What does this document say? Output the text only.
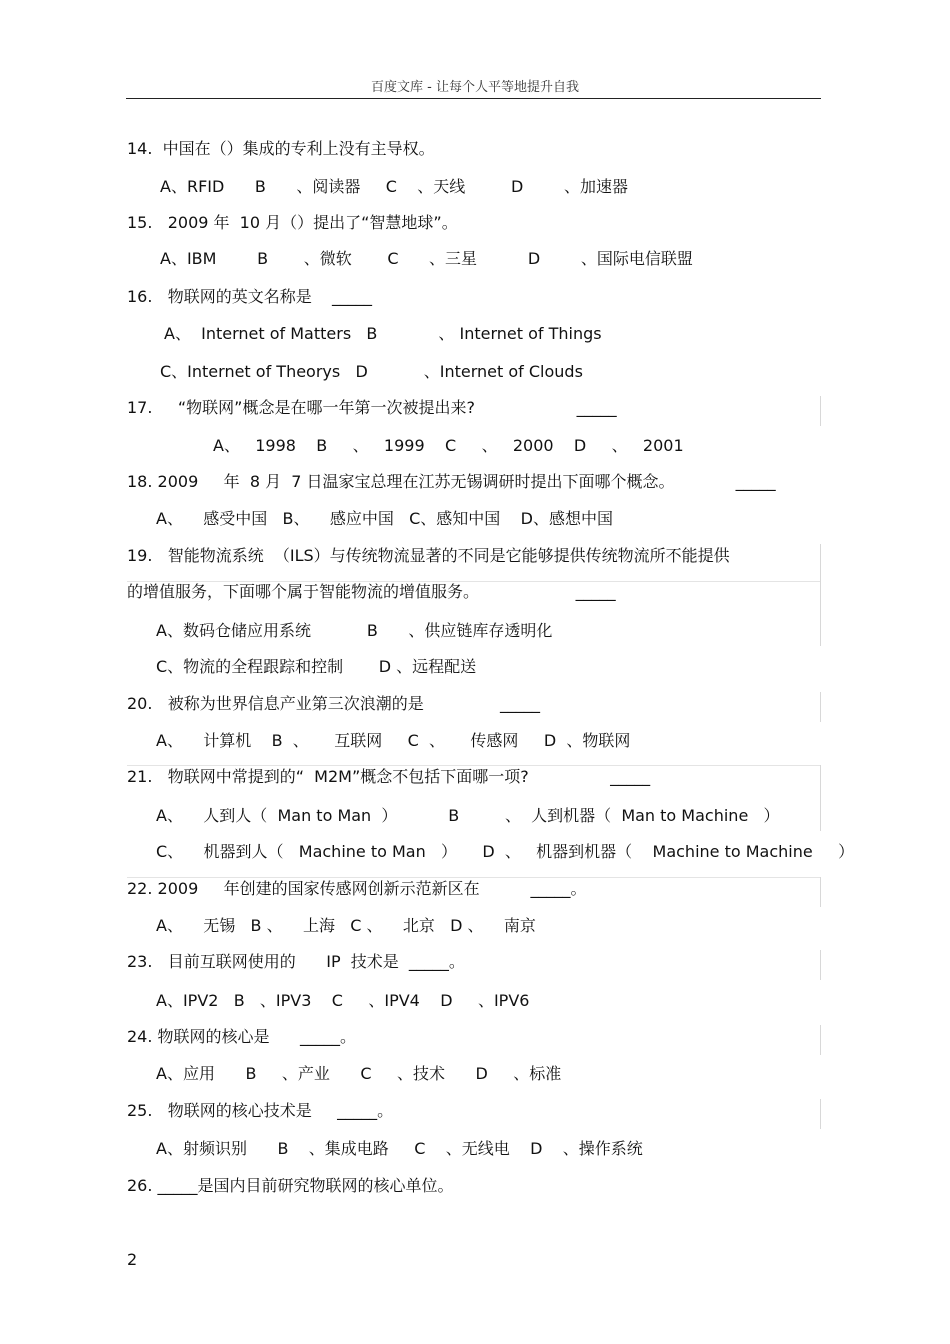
百度文库 - 让每个人平等地提升自我
14.  中国在（）集成的专利上没有主导权。
A、RFID      B      、阅读器     C    、天线         D        、加速器
15.   2009 年  10 月（）提出了“智慧地球”。
A、IBM        B       、微软       C      、三星          D        、国际电信联盟
16.   物联网的英文名称是    _____
A、  Internet of Matters   B            、 Internet of Things
C、Internet of Theorys   D           、Internet of Clouds
17.     “物联网”概念是在哪一年第一次被提出来?                    _____
A、   1998    B     、   1999    C     、   2000    D     、   2001
18. 2009     年  8 月  7 日温家宝总理在江苏无锡调研时提出下面哪个概念。            _____
A、    感受中国   B、    感应中国   C、感知中国    D、感想中国
19.   智能物流系统  （ILS）与传统物流显著的不同是它能够提供传统物流所不能提供
的增值服务，下面哪个属于智能物流的增值服务。                   _____
A、数码仓储应用系统           B      、供应链库存透明化
C、物流的全程跟踪和控制       D 、远程配送
20.   被称为世界信息产业第三次浪潮的是               _____
A、    计算机    B  、     互联网     C  、     传感网     D  、物联网
21.   物联网中常提到的“  M2M”概念不包括下面哪一项?                _____
A、    人到人（  Man to Man  ）          B         、  人到机器（  Man to Machine   ）
C、    机器到人（   Machine to Man   ）     D  、   机器到机器（    Machine to Machine     ）
22. 2009     年创建的国家传感网创新示范新区在          _____。
A、    无锡   B 、    上海   C 、    北京   D 、    南京
23.   目前互联网使用的      IP  技术是  _____。
A、IPV2   B   、IPV3    C     、IPV4    D     、IPV6
24. 物联网的核心是      _____。
A、应用      B     、产业      C     、技术      D     、标准
25.   物联网的核心技术是     _____。
A、射频识别      B    、集成电路     C    、无线电    D    、操作系统
26. _____是国内目前研究物联网的核心单位。
2
